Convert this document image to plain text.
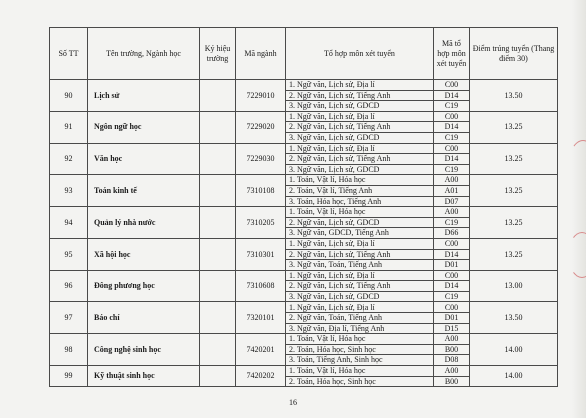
Số TT	Tên trường, Ngành học	Ký hiệu trường	Mã ngành	Tổ hợp môn xét tuyển	Mã tổ hợp môn xét tuyển	Điểm trúng tuyển (Thang điểm 30)
90	Lịch sử		7229010	1. Ngữ văn, Lịch sử, Địa lí	C00	13.50
				2. Ngữ văn, Lịch sử, Tiếng Anh	D14	
				3. Ngữ văn, Lịch sử, GDCD	C19	
91	Ngôn ngữ học		7229020	1. Ngữ văn, Lịch sử, Địa lí	C00	13.25
				2. Ngữ văn, Lịch sử, Tiếng Anh	D14	
				3. Ngữ văn, Lịch sử, GDCD	C19	
92	Văn học		7229030	1. Ngữ văn, Lịch sử, Địa lí	C00	13.25
				2. Ngữ văn, Lịch sử, Tiếng Anh	D14	
				3. Ngữ văn, Lịch sử, GDCD	C19	
93	Toán kinh tế		7310108	1. Toán, Vật lí, Hóa học	A00	13.25
				2. Toán, Vật lí, Tiếng Anh	A01	
				3. Toán, Hóa học, Tiếng Anh	D07	
94	Quản lý nhà nước		7310205	1. Toán, Vật lí, Hóa học	A00	13.25
				2. Ngữ văn, Lịch sử, GDCD	C19	
				3. Ngữ văn, GDCD, Tiếng Anh	D66	
95	Xã hội học		7310301	1. Ngữ văn, Lịch sử, Địa lí	C00	13.25
				2. Ngữ văn, Lịch sử, Tiếng Anh	D14	
				3. Ngữ văn, Toán, Tiếng Anh	D01	
96	Đông phương học		7310608	1. Ngữ văn, Lịch sử, Địa lí	C00	13.00
				2. Ngữ văn, Lịch sử, Tiếng Anh	D14	
				3. Ngữ văn, Lịch sử, GDCD	C19	
97	Báo chí		7320101	1. Ngữ văn, Lịch sử, Địa lí	C00	13.50
				2. Ngữ văn, Toán, Tiếng Anh	D01	
				3. Ngữ văn, Địa lí, Tiếng Anh	D15	
98	Công nghệ sinh học		7420201	1. Toán, Vật lí, Hóa học	A00	14.00
				2. Toán, Hóa học, Sinh học	B00	
				3. Toán, Tiếng Anh, Sinh học	D08	
99	Kỹ thuật sinh học		7420202	1. Toán, Vật lí, Hóa học	A00	14.00
				2. Toán, Hóa học, Sinh học	B00	
16
